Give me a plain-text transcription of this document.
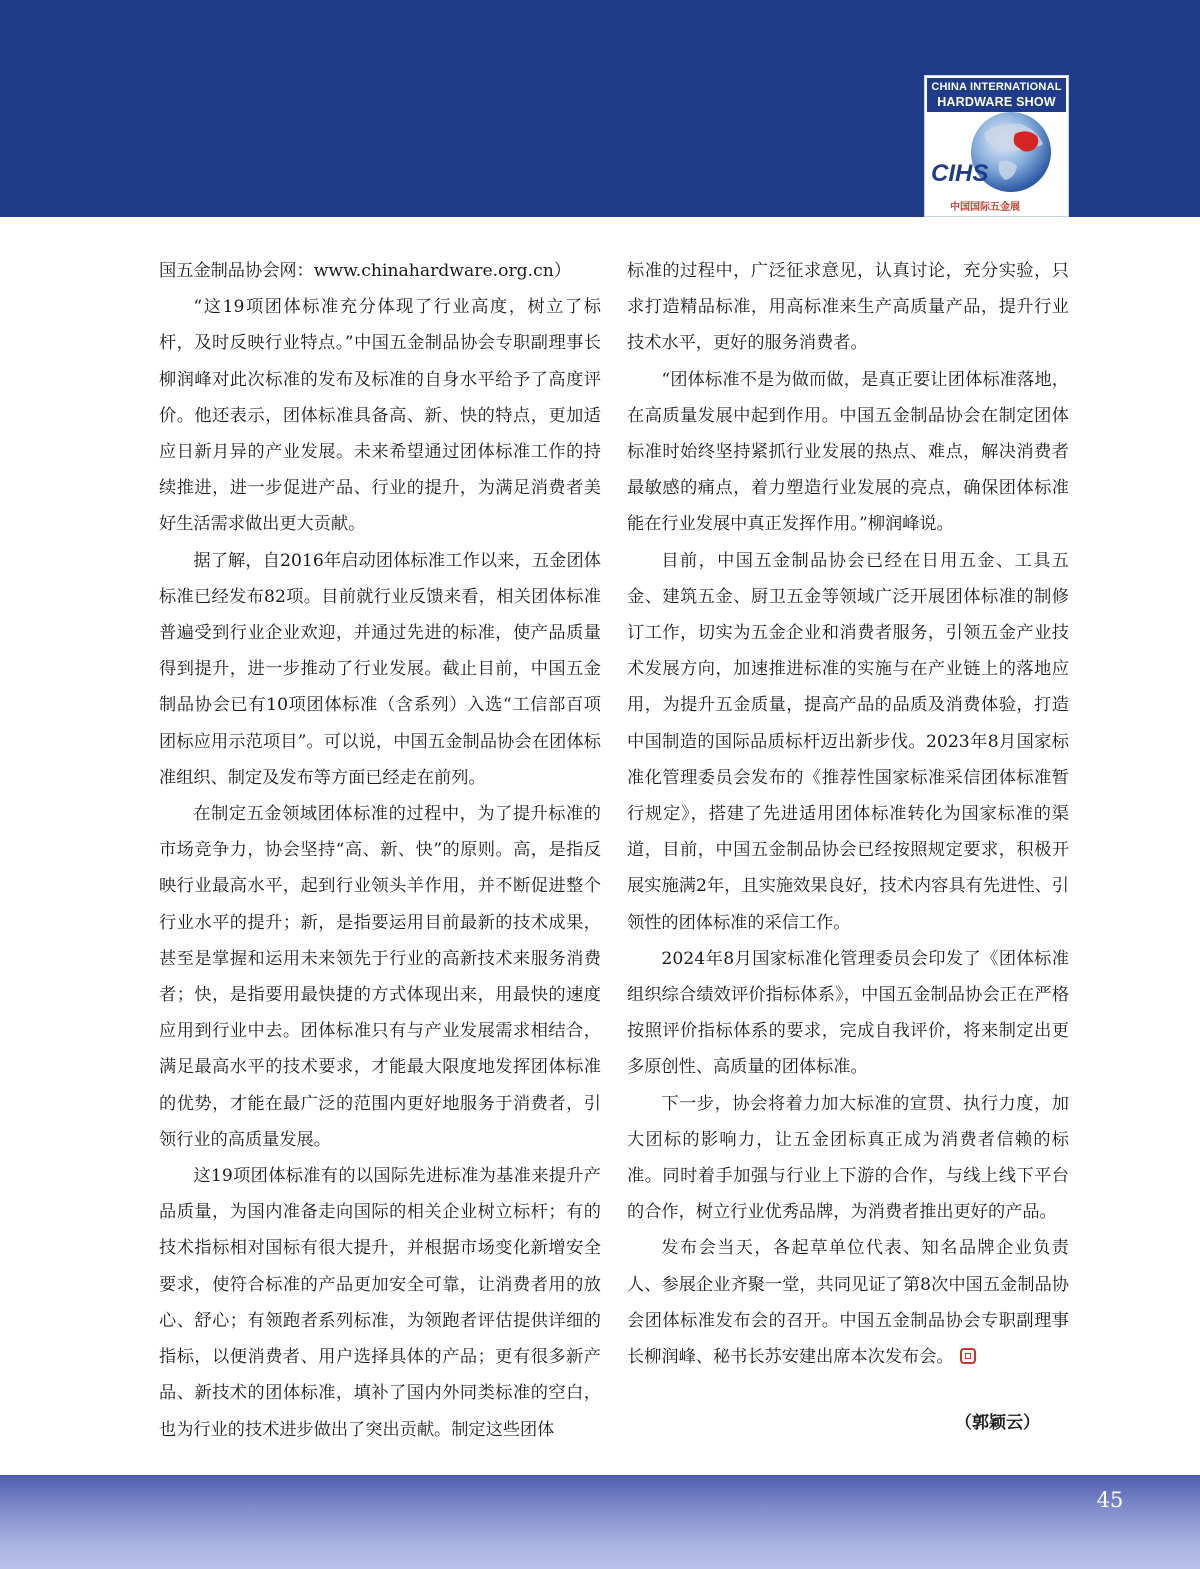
CHINA INTERNATIONAL
HARDWARE SHOW
CIHS
中国国际五金展

国五金制品协会网：www.chinahardware.org.cn）

“这19项团体标准充分体现了行业高度，树立了标杆，及时反映行业特点。”中国五金制品协会专职副理事长柳润峰对此次标准的发布及标准的自身水平给予了高度评价。他还表示，团体标准具备高、新、快的特点，更加适应日新月异的产业发展。未来希望通过团体标准工作的持续推进，进一步促进产品、行业的提升，为满足消费者美好生活需求做出更大贡献。

据了解，自2016年启动团体标准工作以来，五金团体标准已经发布82项。目前就行业反馈来看，相关团体标准普遍受到行业企业欢迎，并通过先进的标准，使产品质量得到提升，进一步推动了行业发展。截止目前，中国五金制品协会已有10项团体标准（含系列）入选“工信部百项团标应用示范项目”。可以说，中国五金制品协会在团体标准组织、制定及发布等方面已经走在前列。

在制定五金领域团体标准的过程中，为了提升标准的市场竞争力，协会坚持“高、新、快”的原则。高，是指反映行业最高水平，起到行业领头羊作用，并不断促进整个行业水平的提升；新，是指要运用目前最新的技术成果，甚至是掌握和运用未来领先于行业的高新技术来服务消费者；快，是指要用最快捷的方式体现出来，用最快的速度应用到行业中去。团体标准只有与产业发展需求相结合，满足最高水平的技术要求，才能最大限度地发挥团体标准的优势，才能在最广泛的范围内更好地服务于消费者，引领行业的高质量发展。

这19项团体标准有的以国际先进标准为基准来提升产品质量，为国内准备走向国际的相关企业树立标杆；有的技术指标相对国标有很大提升，并根据市场变化新增安全要求，使符合标准的产品更加安全可靠，让消费者用的放心、舒心；有领跑者系列标准，为领跑者评估提供详细的指标，以便消费者、用户选择具体的产品；更有很多新产品、新技术的团体标准，填补了国内外同类标准的空白，也为行业的技术进步做出了突出贡献。制定这些团体

标准的过程中，广泛征求意见，认真讨论，充分实验，只求打造精品标准，用高标准来生产高质量产品，提升行业技术水平，更好的服务消费者。

“团体标准不是为做而做，是真正要让团体标准落地，在高质量发展中起到作用。中国五金制品协会在制定团体标准时始终坚持紧抓行业发展的热点、难点，解决消费者最敏感的痛点，着力塑造行业发展的亮点，确保团体标准能在行业发展中真正发挥作用。”柳润峰说。

目前，中国五金制品协会已经在日用五金、工具五金、建筑五金、厨卫五金等领域广泛开展团体标准的制修订工作，切实为五金企业和消费者服务，引领五金产业技术发展方向，加速推进标准的实施与在产业链上的落地应用，为提升五金质量，提高产品的品质及消费体验，打造中国制造的国际品质标杆迈出新步伐。2023年8月国家标准化管理委员会发布的《推荐性国家标准采信团体标准暂行规定》，搭建了先进适用团体标准转化为国家标准的渠道，目前，中国五金制品协会已经按照规定要求，积极开展实施满2年，且实施效果良好，技术内容具有先进性、引领性的团体标准的采信工作。

2024年8月国家标准化管理委员会印发了《团体标准组织综合绩效评价指标体系》，中国五金制品协会正在严格按照评价指标体系的要求，完成自我评价，将来制定出更多原创性、高质量的团体标准。

下一步，协会将着力加大标准的宣贯、执行力度，加大团标的影响力，让五金团标真正成为消费者信赖的标准。同时着手加强与行业上下游的合作，与线上线下平台的合作，树立行业优秀品牌，为消费者推出更好的产品。

发布会当天，各起草单位代表、知名品牌企业负责人、参展企业齐聚一堂，共同见证了第8次中国五金制品协会团体标准发布会的召开。中国五金制品协会专职副理事长柳润峰、秘书长苏安建出席本次发布会。

（郭颖云）
45
